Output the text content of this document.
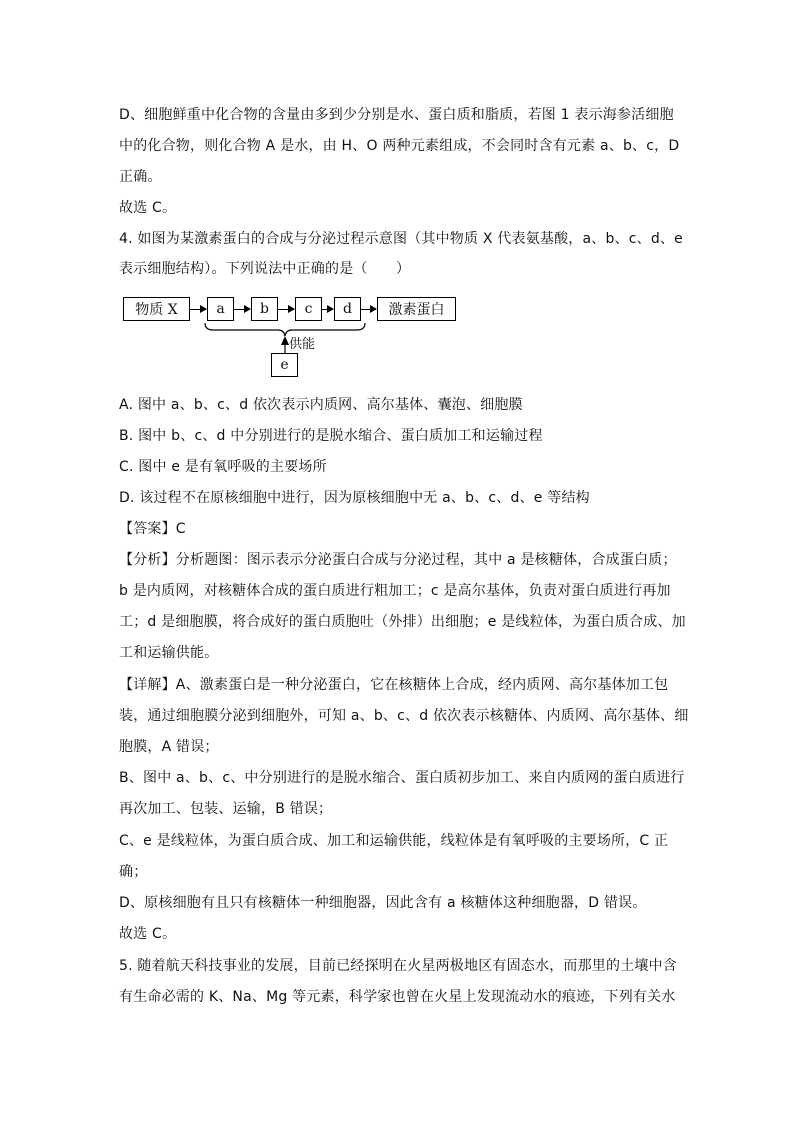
D、细胞鲜重中化合物的含量由多到少分别是水、蛋白质和脂质，若图 1 表示海参活细胞
中的化合物，则化合物 A 是水，由 H、O 两种元素组成，不会同时含有元素 a、b、c，D
正确。
故选 C。
4. 如图为某激素蛋白的合成与分泌过程示意图（其中物质 X 代表氨基酸，a、b、c、d、e
表示细胞结构）。下列说法中正确的是（　　）
物质 X	a	b	c	d	激素蛋白
供能
e
A. 图中 a、b、c、d 依次表示内质网、高尔基体、囊泡、细胞膜
B. 图中 b、c、d 中分别进行的是脱水缩合、蛋白质加工和运输过程
C. 图中 e 是有氧呼吸的主要场所
D. 该过程不在原核细胞中进行，因为原核细胞中无 a、b、c、d、e 等结构
【答案】C
【分析】分析题图：图示表示分泌蛋白合成与分泌过程，其中 a 是核糖体，合成蛋白质；
b 是内质网，对核糖体合成的蛋白质进行粗加工；c 是高尔基体，负责对蛋白质进行再加
工；d 是细胞膜，将合成好的蛋白质胞吐（外排）出细胞；e 是线粒体，为蛋白质合成、加
工和运输供能。
【详解】A、激素蛋白是一种分泌蛋白，它在核糖体上合成，经内质网、高尔基体加工包
装，通过细胞膜分泌到细胞外，可知 a、b、c、d 依次表示核糖体、内质网、高尔基体、细
胞膜，A 错误；
B、图中 a、b、c、中分别进行的是脱水缩合、蛋白质初步加工、来自内质网的蛋白质进行
再次加工、包装、运输，B 错误；
C、e 是线粒体，为蛋白质合成、加工和运输供能，线粒体是有氧呼吸的主要场所，C 正
确；
D、原核细胞有且只有核糖体一种细胞器，因此含有 a 核糖体这种细胞器，D 错误。
故选 C。
5. 随着航天科技事业的发展，目前已经探明在火星两极地区有固态水，而那里的土壤中含
有生命必需的 K、Na、Mg 等元素，科学家也曾在火星上发现流动水的痕迹，下列有关水
